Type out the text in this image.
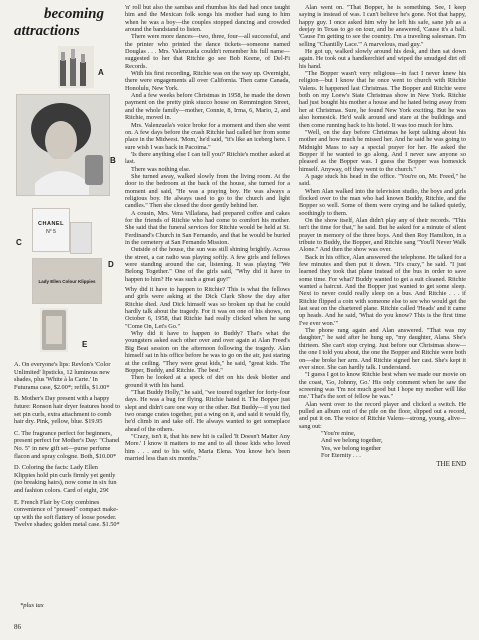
becoming
attractions
A
B
CHANEL
N° 5
C
Lady Ellen Colour Klippies
D
E

A. On everyone's lips: Revlon's 'Color Unlimited' lipsticks, 12 luminous new shades, plus 'White à la Carte.' In Futurama case, $2.00*; refills, $1.00*

B. Mother's Day present with a happy future: Ronson hair dryer features hood to set pin curls, extra attachment to comb hair dry. Pink, yellow, blue. $19.95

C. The fragrance perfect for beginners, present perfect for Mother's Day: "Chanel No. 5" in new gift set—purse perfume flacon and spray cologne. Both, $10.00*

D. Coloring the facts: Lady Ellen Klippies hold pin curls firmly yet gently (no breaking hairs), now come in six fun and fashion colors. Card of eight, 29¢

E. French Flair by Coty combines convenience of "pressed" compact make-up with the soft flattery of loose powder. Twelve shades; golden metal case. $1.50*

*plus tax
86

'n' roll but also the sambas and rhumbas his dad had once taught him and the Mexican folk songs his mother had sung to him when he was a boy—the couples stopped dancing and crowded around the bandstand to listen.

There were more dances—two, three, four—all successful, and the printer who printed the dance tickets—someone named Douglas . . . Mrs. Valenzuela couldn't remember his full name—suggested to her that Ritchie go see Bob Keene, of Del-Fi Records.

With his first recording, Ritchie was on the way up. Overnight, there were engagements all over California. Then came Canada, Honolulu, New York.

And a few weeks before Christmas in 1958, he made the down payment on the pretty pink stucco house on Remmington Street, and the whole family—mother, Connie, 8, Irma, 6, Mario, 2, and Ritchie, moved in.

Mrs. Valenzuela's voice broke for a moment and then she went on. A few days before the crash Ritchie had called her from some place in the Midwest. 'Mom,' he'd said, "it's like an iceberg here. I sure wish I was back in Pacoima."

'Is there anything else I can tell you?' Ritchie's mother asked at last.

There was nothing else.

She turned away, walked slowly from the living room. At the door to the bedroom at the back of the house, she turned for a moment and said, "He was a praying boy. He was always a religious boy. He always used to go to the church and light candles." Then she closed the door gently behind her.

A cousin, Mrs. Vera Villafana, had prepared coffee and cakes for the friends of Ritchie who had come to comfort his mother. She said that the funeral services for Ritchie would be held at St. Ferdinand's Church in San Fernando, and that he would be buried in the cemetery at San Fernando Mission.

Outside of the house, the sun was still shining brightly. Across the street, a car radio was playing softly. A few girls and fellows were standing around the car, listening. It was playing "We Belong Together." One of the girls said, "Why did it have to happen to him? He was such a great guy!"

Why did it have to happen to Ritchie? This is what the fellows and girls were asking at the Dick Clark Show the day after Ritchie died. And Dick himself was so broken up that he could hardly talk about the tragedy. For it was on one of his shows, on October 6, 1958, that Ritchie had really clicked when he sang "Come On, Let's Go."

Why did it have to happen to Buddy? That's what the youngsters asked each other over and over again at Alan Freed's Big Beat session on the afternoon following the tragedy. Alan himself sat in his office before he was to go on the air, just staring at the ceiling. "They were great kids," he said, "great kids. The Bopper, Buddy, and Ritchie. The best."

Then he looked at a speck of dirt on his desk blotter and ground it with his hand.

"That Buddy Holly," he said, "we toured together for forty-four days. He was a bug for flying. Ritchie hated it. The Bopper just slept and didn't care one way or the other. But Buddy—if you tied two orange crates together, put a wing on it, and said it would fly, he'd climb in and take off. He always wanted to get someplace ahead of the others.

"Crazy, isn't it, that his new hit is called 'It Doesn't Matter Any More.' I know it matters to me and to all those kids who loved him . . . and to his wife, Maria Elena. You know he's been married less than six months."

Alan went on. "That Bopper, he is something. See, I keep saying is instead of was. I can't believe he's gone. Not that happy, happy guy. I once asked him why he left his safe, sane job as a deejay in Texas to go on tour, and he answered, 'Cause it's a ball. 'Cause I'm getting to see the country. I'm a traveling salesman. I'm selling "Chantilly Lace."' A marvelous, mad guy."

He got up, walked slowly around his desk, and then sat down again. He took out a handkerchief and wiped the smudged dirt off his hand.

"The Bopper wasn't very religious—in fact I never knew his religion—but I know that he once went to church with Ritchie Valens. It happened last Christmas. The Bopper and Ritchie were both on my Loew's State Christmas show in New York. Ritchie had just bought his mother a house and he hated being away from her at Christmas. Sure, he found New York exciting. But he was also homesick. He'd walk around and stare at the buildings and then come running back to his hotel. It was too much for him.

"Well, on the day before Christmas he kept talking about his mother and how much he missed her. And he said he was going to Midnight Mass to say a special prayer for her. He asked the Bopper if he wanted to go along. And I never saw anyone so pleased as the Bopper was. I guess the Bopper was homesick himself. Anyway, off they went to the church."

A page stuck his head in the office. "You're on, Mr. Freed," he said.

When Alan walked into the television studio, the boys and girls flocked over to the man who had known Buddy, Ritchie, and the Bopper so well. Some of them were crying and he talked quietly, soothingly to them.

On the show itself, Alan didn't play any of their records. "This isn't the time for that," he said. But he asked for a minute of silent prayer in memory of the three boys. And then Roy Hamilton, in a tribute to Buddy, the Bopper, and Ritchie sang "You'll Never Walk Alone." And then the show was over.

Back in his office, Alan answered the telephone. He talked for a few minutes and then put it down. "It's crazy," he said. "I just learned they took that plane instead of the bus in order to save some time. For what? Buddy wanted to get a suit cleaned. Ritchie wanted a haircut. And the Bopper just wanted to get some sleep. Next to never could really sleep on a bus. And Ritchie . . . if Ritchie flipped a coin with someone else to see who would get the last seat on the chartered plane. Ritchie called 'Heads' and it came up heads. And he said, 'What do you know? This is the first time I've ever won.'"

The phone rang again and Alan answered. "That was my daughter," he said after he hung up, "my daughter, Alana. She's thirteen. She can't stop crying. Just before our Christmas show—the one I told you about, the one the Bopper and Ritchie were both on—she broke her arm. And Ritchie signed her cast. She's kept it ever since. She can hardly talk. I understand.

"I guess I got to know Ritchie best when we made our movie on the coast, 'Go, Johnny, Go.' His only comment when he saw the screening was 'I'm not much good but I hope my mother will like me.' That's the sort of fellow he was."

Alan went over to the record player and clicked a switch. He pulled an album out of the pile on the floor, slipped out a record, and put it on. The voice of Ritchie Valens—strong, young, alive—sang out:

"You're mine,

And we belong together,

Yes, we belong together

For Eternity . . .

THE END
